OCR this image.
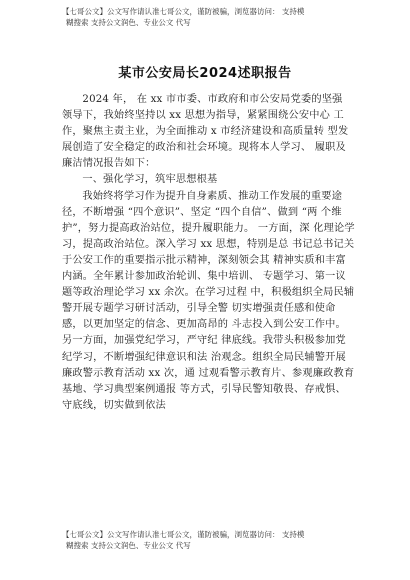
【七哥公文】公文写作请认准七哥公文，谨防被骗，浏览器访问： 支持模
糊搜索 支持公文润色、专业公文 代写
某市公安局长2024述职报告

2024 年， 在 xx 市市委、市政府和市公安局党委的坚强 领导下，我始终坚持以 xx 思想为指导，紧紧围绕公安中心 工作，聚焦主责主业，为全面推动 x 市经济建设和高质量转 型发展创造了安全稳定的政治和社会环境。现将本人学习、 履职及廉洁情况报告如下：

一、强化学习，筑牢思想根基

我始终将学习作为提升自身素质、推动工作发展的重要途径，不断增强 “四个意识”、坚定 “四个自信”、做到 “两 个维护”，努力提高政治站位，提升履职能力。 一方面，深 化理论学习，提高政治站位。深入学习 xx 思想，特别是总 书记总书记关于公安工作的重要指示批示精神，深刻领会其 精神实质和丰富内涵。全年累计参加政治轮训、集中培训、 专题学习、第一议题等政治理论学习 xx 余次。在学习过程 中，积极组织全局民辅警开展专题学习研讨活动，引导全警 切实增强责任感和使命感，以更加坚定的信念、更加高昂的 斗志投入到公安工作中。另一方面，加强党纪学习，严守纪 律底线。我带头积极参加党纪学习，不断增强纪律意识和法 治观念。组织全局民辅警开展廉政警示教育活动 xx 次，通 过观看警示教育片、参观廉政教育基地、学习典型案例通报 等方式，引导民警知敬畏、存戒惧、守底线，切实做到依法

【七哥公文】公文写作请认准七哥公文，谨防被骗，浏览器访问： 支持模
糊搜索 支持公文润色、专业公文 代写
